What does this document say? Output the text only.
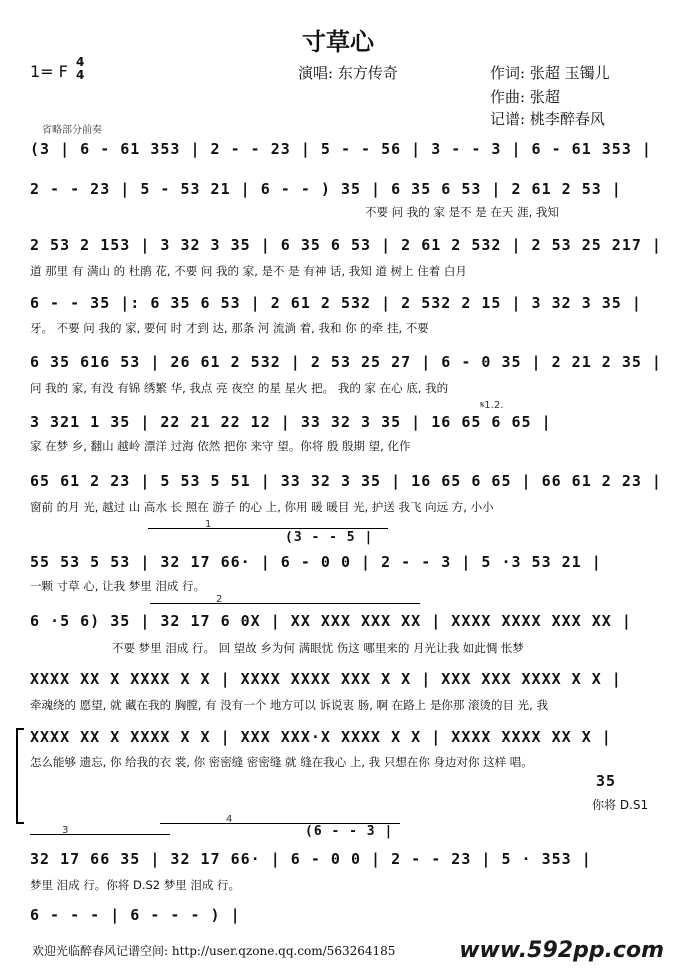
寸草心
1= F 4
4	演唱: 东方传奇	作词: 张超 玉镯儿
作曲: 张超
记谱: 桃李醉春风
省略部分前奏
(3 | 6 - 61 353 | 2 - - 23 | 5 - - 56 | 3 - - 3 | 6 - 61 353 |
2 - - 23 | 5 - 53 21 | 6 - - ) 35 | 6 35 6 53 | 2 61 2 53 |
不要 问 我的 家 是不 是 在天 涯, 我知
2 53 2 153 | 3 32 3 35 | 6 35 6 53 | 2 61 2 532 | 2 53 25 217 |
道 那里 有 满山 的 杜鹃 花, 不要 问 我的 家, 是不 是 有神 话, 我知 道 树上 住着 白月
6 - - 35 |: 6 35 6 53 | 2 61 2 532 | 2 532 2 15 | 3 32 3 35 |
牙。 不要 问 我的 家, 要何 时 才到 达, 那条 河 流淌 着, 我和 你 的牵 挂, 不要
6 35 616 53 | 26 61 2 532 | 2 53 25 27 | 6 - 0 35 | 2 21 2 35 |
问 我的 家, 有没 有锦 绣繁 华, 我点 亮 夜空 的星 星火 把。 我的 家 在心 底, 我的
𝄋1.2.
3 321 1 35 | 22 21 22 12 | 33 32 3 35 | 16 65 6 65 |
家 在梦 乡, 翻山 越岭 漂洋 过海 依然 把你 来守 望。你将 殷 殷期 望, 化作
65 61 2 23 | 5 53 5 51 | 33 32 3 35 | 16 65 6 65 | 66 61 2 23 |
窗前 的月 光, 越过 山 高水 长 照在 游子 的心 上, 你用 暖 暖目 光, 护送 我飞 向远 方, 小小
1
(3 - - 5 |
55 53 5 53 | 32 17 66· | 6 - 0 0 | 2 - - 3 | 5 ·3 53 21 |
一颗 寸草 心, 让我 梦里 泪成 行。
2
6 ·5 6) 35 | 32 17 6 0X | XX XXX XXX XX | XXXX XXXX XXX XX |
不要 梦里 泪成 行。 回 望故 乡为何 满眼忧 伤这 哪里来的 月光让我 如此惆 怅梦
XXXX XX X XXXX X X | XXXX XXXX XXX X X | XXX XXX XXXX X X |
牵魂绕的 愿望, 就 藏在我的 胸膛, 有 没有一个 地方可以 诉说衷 肠, 啊 在路上 是你那 滚烫的目 光, 我
XXXX XX X XXXX X X | XXX XXX·X XXXX X X | XXXX XXXX XX X |
怎么能够 遗忘, 你 给我的衣 裳, 你 密密缝 密密缝 就 缝在我心 上, 我 只想在你 身边对你 这样 唱。
35
你将 D.S1
3
4
(6 - - 3 |
32 17 66 35 | 32 17 66· | 6 - 0 0 | 2 - - 23 | 5 · 353 |
梦里 泪成 行。你将 D.S2 梦里 泪成 行。
6 - - - | 6 - - - ) |
欢迎光临醉春风记谱空间: http://user.qzone.qq.com/563264185	www.592pp.com
